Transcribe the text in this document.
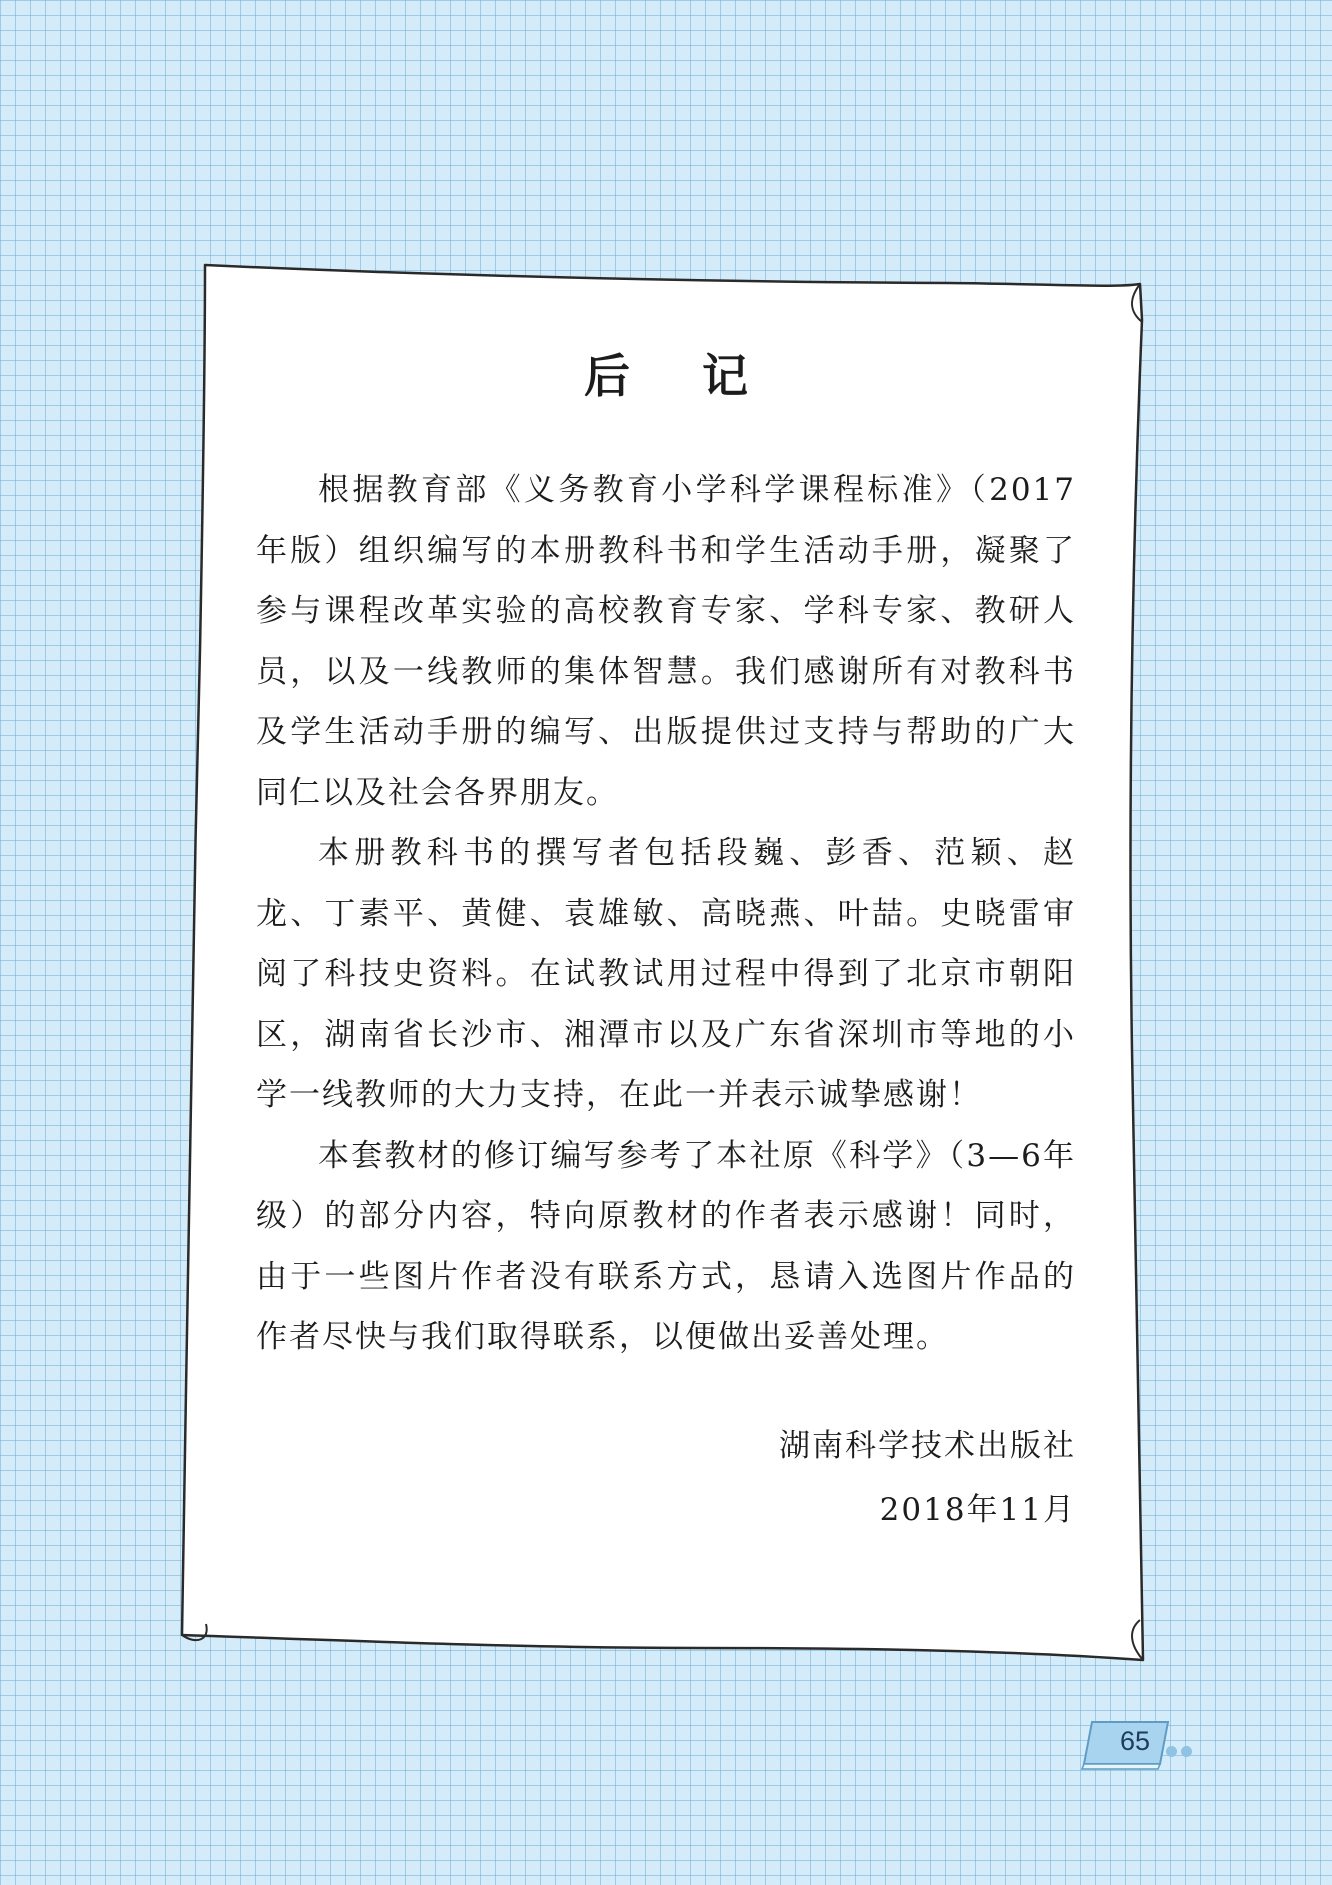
后 记

根据教育部《义务教育小学科学课程标准》（2017年版）组织编写的本册教科书和学生活动手册，凝聚了参与课程改革实验的高校教育专家、学科专家、教研人员，以及一线教师的集体智慧。我们感谢所有对教科书及学生活动手册的编写、出版提供过支持与帮助的广大同仁以及社会各界朋友。

本册教科书的撰写者包括段巍、彭香、范颖、赵龙、丁素平、黄健、袁雄敏、高晓燕、叶喆。史晓雷审阅了科技史资料。在试教试用过程中得到了北京市朝阳区，湖南省长沙市、湘潭市以及广东省深圳市等地的小学一线教师的大力支持，在此一并表示诚挚感谢！

本套教材的修订编写参考了本社原《科学》（3—6年级）的部分内容，特向原教材的作者表示感谢！同时，由于一些图片作者没有联系方式，恳请入选图片作品的作者尽快与我们取得联系，以便做出妥善处理。

湖南科学技术出版社
2018年11月
65
